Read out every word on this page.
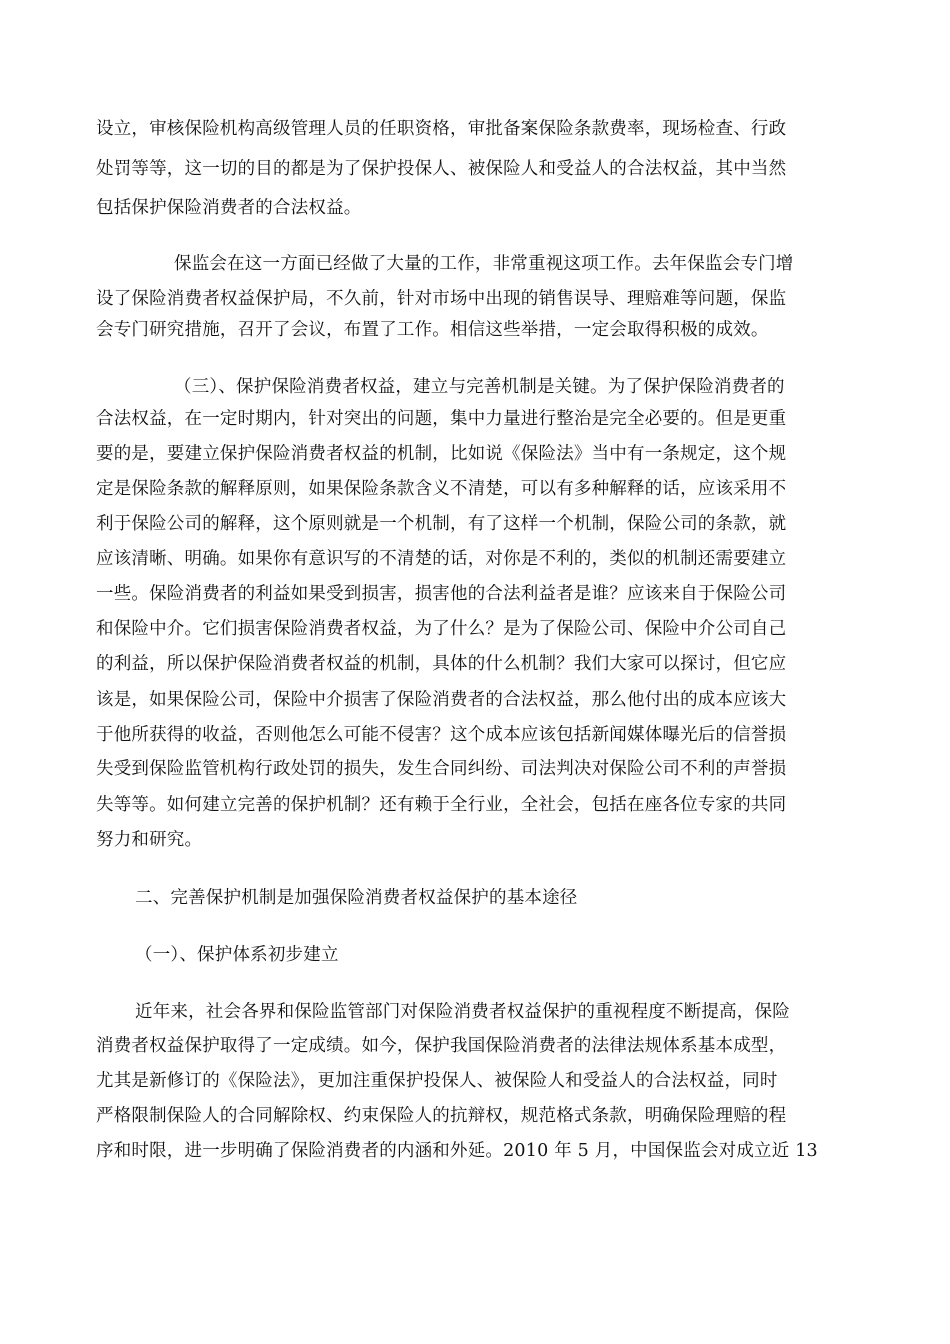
设立，审核保险机构高级管理人员的任职资格，审批备案保险条款费率，现场检查、行政
处罚等等，这一切的目的都是为了保护投保人、被保险人和受益人的合法权益，其中当然
包括保护保险消费者的合法权益。
保监会在这一方面已经做了大量的工作，非常重视这项工作。去年保监会专门增
设了保险消费者权益保护局，不久前，针对市场中出现的销售误导、理赔难等问题，保监
会专门研究措施，召开了会议，布置了工作。相信这些举措，一定会取得积极的成效。
（三）、保护保险消费者权益，建立与完善机制是关键。为了保护保险消费者的
合法权益，在一定时期内，针对突出的问题，集中力量进行整治是完全必要的。但是更重
要的是，要建立保护保险消费者权益的机制，比如说《保险法》当中有一条规定，这个规
定是保险条款的解释原则，如果保险条款含义不清楚，可以有多种解释的话，应该采用不
利于保险公司的解释，这个原则就是一个机制，有了这样一个机制，保险公司的条款，就
应该清晰、明确。如果你有意识写的不清楚的话，对你是不利的，类似的机制还需要建立
一些。保险消费者的利益如果受到损害，损害他的合法利益者是谁？应该来自于保险公司
和保险中介。它们损害保险消费者权益，为了什么？是为了保险公司、保险中介公司自己
的利益，所以保护保险消费者权益的机制，具体的什么机制？我们大家可以探讨，但它应
该是，如果保险公司，保险中介损害了保险消费者的合法权益，那么他付出的成本应该大
于他所获得的收益，否则他怎么可能不侵害？这个成本应该包括新闻媒体曝光后的信誉损
失受到保险监管机构行政处罚的损失，发生合同纠纷、司法判决对保险公司不利的声誉损
失等等。如何建立完善的保护机制？还有赖于全行业，全社会，包括在座各位专家的共同
努力和研究。
二、完善保护机制是加强保险消费者权益保护的基本途径
（一）、保护体系初步建立
近年来，社会各界和保险监管部门对保险消费者权益保护的重视程度不断提高，保险
消费者权益保护取得了一定成绩。如今，保护我国保险消费者的法律法规体系基本成型，
尤其是新修订的《保险法》，更加注重保护投保人、被保险人和受益人的合法权益，同时
严格限制保险人的合同解除权、约束保险人的抗辩权，规范格式条款，明确保险理赔的程
序和时限，进一步明确了保险消费者的内涵和外延。2010 年 5 月，中国保监会对成立近 13
